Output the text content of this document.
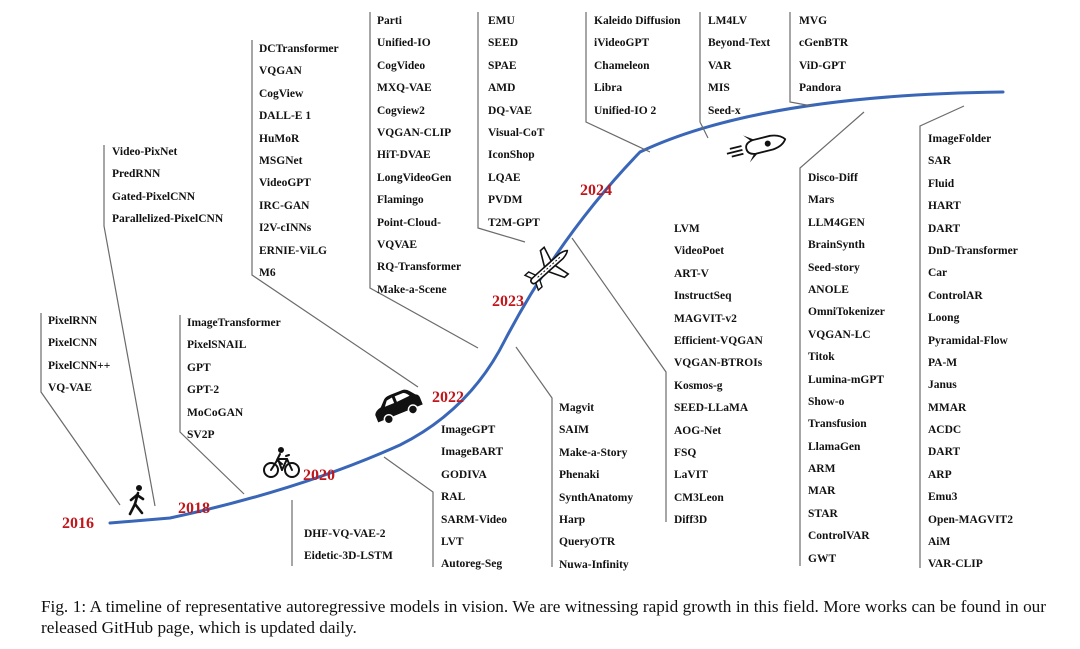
2016
2018
2020
2022
2023
2024
PixelRNN
PixelCNN
PixelCNN++
VQ-VAE
Video-PixNet
PredRNN
Gated-PixelCNN
Parallelized-PixelCNN
ImageTransformer
PixelSNAIL
GPT
GPT-2
MoCoGAN
SV2P
DCTransformer
VQGAN
CogView
DALL-E 1
HuMoR
MSGNet
VideoGPT
IRC-GAN
I2V-cINNs
ERNIE-ViLG
M6
DHF-VQ-VAE-2
Eidetic-3D-LSTM
ImageGPT
ImageBART
GODIVA
RAL
SARM-Video
LVT
Autoreg-Seg
Parti
Unified-IO
CogVideo
MXQ-VAE
Cogview2
VQGAN-CLIP
HiT-DVAE
LongVideoGen
Flamingo
Point-Cloud-
VQVAE
RQ-Transformer
Make-a-Scene
EMU
SEED
SPAE
AMD
DQ-VAE
Visual-CoT
IconShop
LQAE
PVDM
T2M-GPT
Magvit
SAIM
Make-a-Story
Phenaki
SynthAnatomy
Harp
QueryOTR
Nuwa-Infinity
Kaleido Diffusion
iVideoGPT
Chameleon
Libra
Unified-IO 2
LVM
VideoPoet
ART-V
InstructSeq
MAGVIT-v2
Efficient-VQGAN
VQGAN-BTROIs
Kosmos-g
SEED-LLaMA
AOG-Net
FSQ
LaVIT
CM3Leon
Diff3D
LM4LV
Beyond-Text
VAR
MIS
Seed-x
MVG
cGenBTR
ViD-GPT
Pandora
Disco-Diff
Mars
LLM4GEN
BrainSynth
Seed-story
ANOLE
OmniTokenizer
VQGAN-LC
Titok
Lumina-mGPT
Show-o
Transfusion
LlamaGen
ARM
MAR
STAR
ControlVAR
GWT
ImageFolder
SAR
Fluid
HART
DART
DnD-Transformer
Car
ControlAR
Loong
Pyramidal-Flow
PA-M
Janus
MMAR
ACDC
DART
ARP
Emu3
Open-MAGVIT2
AiM
VAR-CLIP
Fig. 1: A timeline of representative autoregressive models in vision. We are witnessing rapid growth in this field. More works can be found in our released GitHub page, which is updated daily.
